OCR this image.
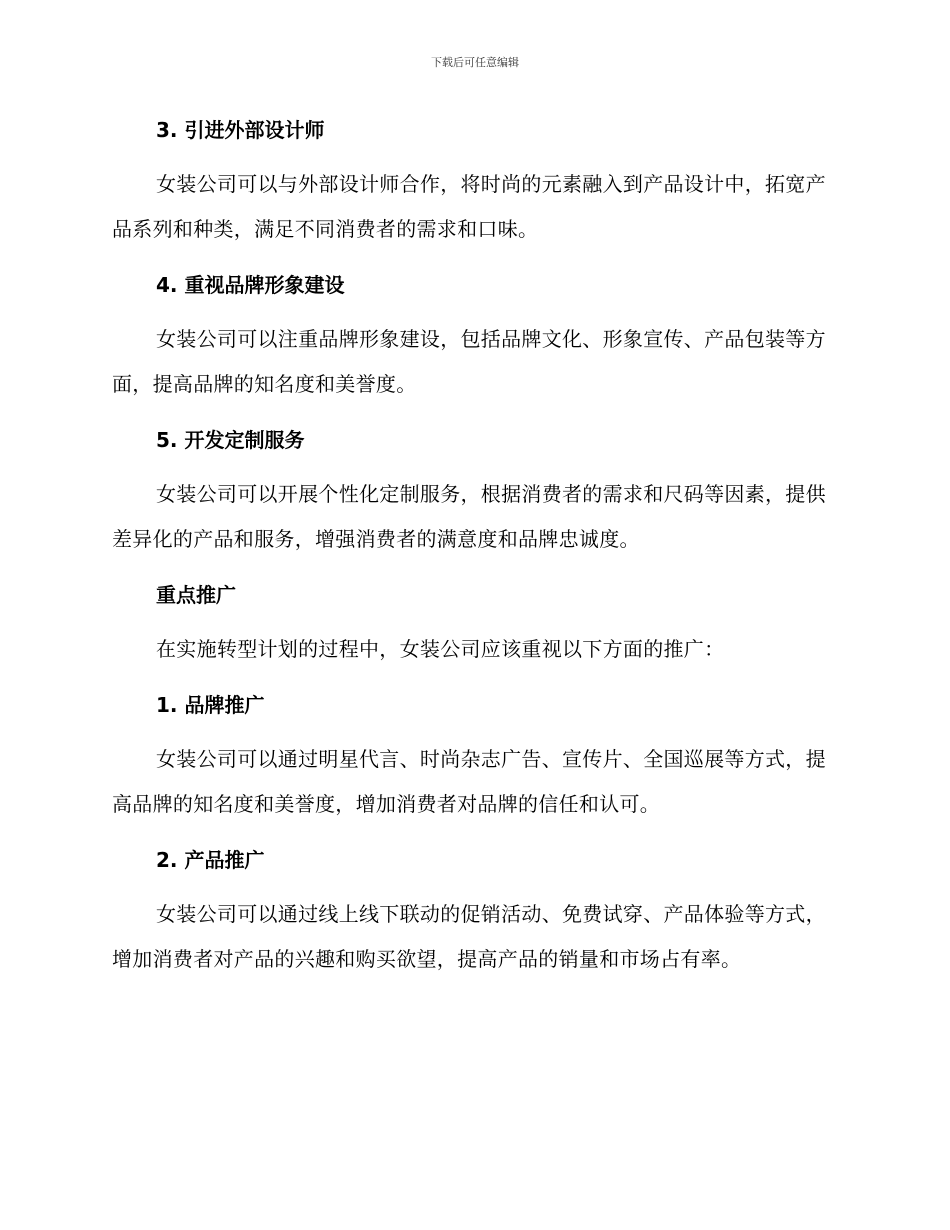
下载后可任意编辑

3. 引进外部设计师

女装公司可以与外部设计师合作，将时尚的元素融入到产品设计中，拓宽产品系列和种类，满足不同消费者的需求和口味。

4. 重视品牌形象建设

女装公司可以注重品牌形象建设，包括品牌文化、形象宣传、产品包装等方面，提高品牌的知名度和美誉度。

5. 开发定制服务

女装公司可以开展个性化定制服务，根据消费者的需求和尺码等因素，提供差异化的产品和服务，增强消费者的满意度和品牌忠诚度。

重点推广

在实施转型计划的过程中，女装公司应该重视以下方面的推广：

1. 品牌推广

女装公司可以通过明星代言、时尚杂志广告、宣传片、全国巡展等方式，提高品牌的知名度和美誉度，增加消费者对品牌的信任和认可。

2. 产品推广

女装公司可以通过线上线下联动的促销活动、免费试穿、产品体验等方式，增加消费者对产品的兴趣和购买欲望，提高产品的销量和市场占有率。
